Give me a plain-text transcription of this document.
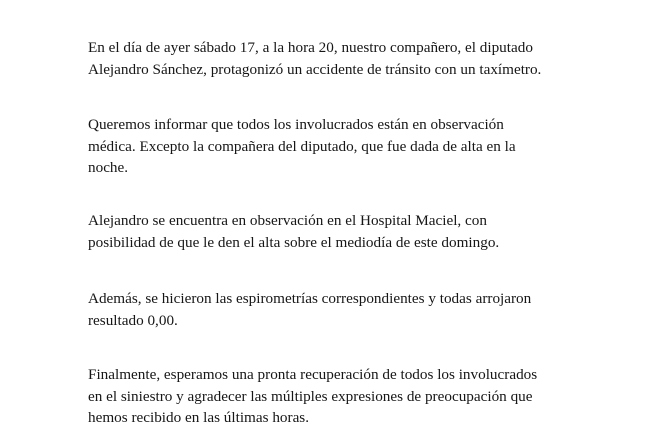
En el día de ayer sábado 17, a la hora 20, nuestro compañero, el diputado
Alejandro Sánchez, protagonizó un accidente de tránsito con un taxímetro.

Queremos informar que todos los involucrados están en observación
médica. Excepto la compañera del diputado, que fue dada de alta en la
noche.

Alejandro se encuentra en observación en el Hospital Maciel, con
posibilidad de que le den el alta sobre el mediodía de este domingo.

Además, se hicieron las espirometrías correspondientes y todas arrojaron
resultado 0,00.

Finalmente, esperamos una pronta recuperación de todos los involucrados
en el siniestro y agradecer las múltiples expresiones de preocupación que
hemos recibido en las últimas horas.
